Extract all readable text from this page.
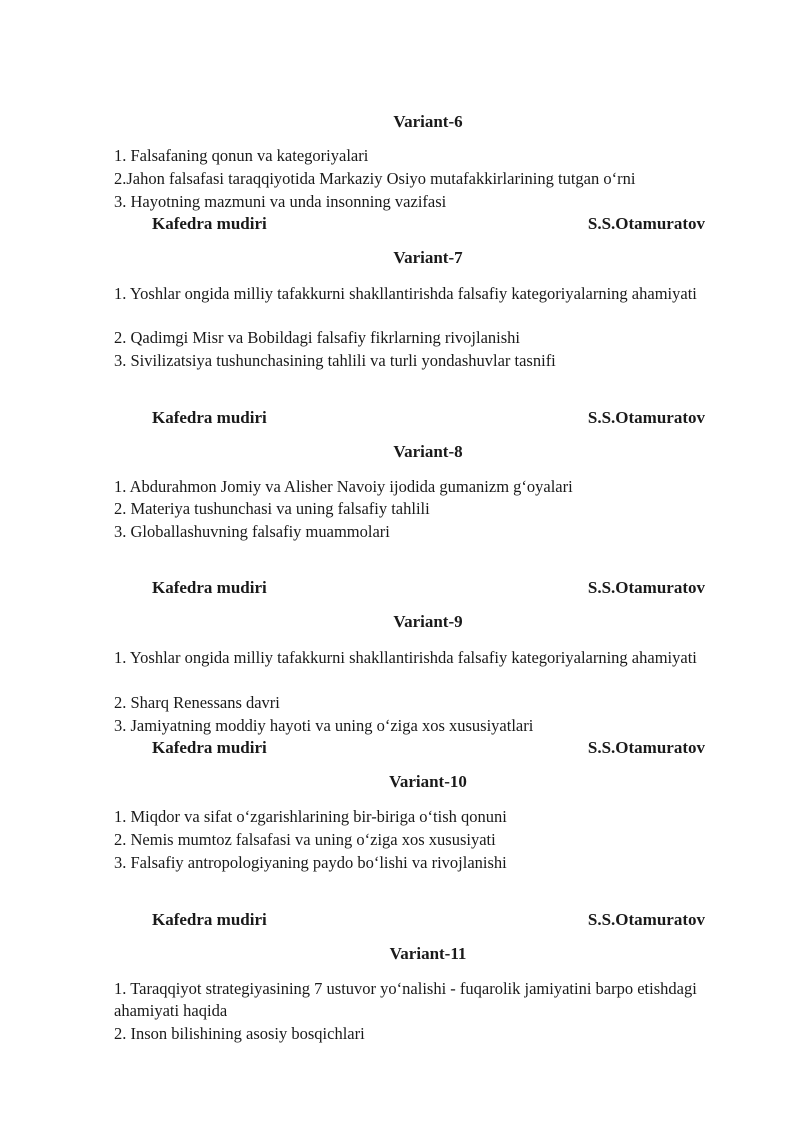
Variant-6
1. Falsafaning qonun va kategoriyalari
2.Jahon falsafasi taraqqiyotida Markaziy Osiyo mutafakkirlarining tutgan o‘rni
3. Hayotning mazmuni va unda insonning vazifasi
Kafedra mudiri	S.S.Otamuratov
Variant-7
1. Yoshlar ongida milliy tafakkurni shakllantirishda falsafiy kategoriyalarning ahamiyati
2. Qadimgi Misr va Bobildagi falsafiy fikrlarning rivojlanishi
3. Sivilizatsiya tushunchasining tahlili va turli yondashuvlar tasnifi
Kafedra mudiri	S.S.Otamuratov
Variant-8
1. Abdurahmon Jomiy va Alisher Navoiy ijodida gumanizm g‘oyalari
2. Materiya tushunchasi va uning falsafiy tahlili
3. Globallashuvning falsafiy muammolari
Kafedra mudiri	S.S.Otamuratov
Variant-9
1. Yoshlar ongida milliy tafakkurni shakllantirishda falsafiy kategoriyalarning ahamiyati
2. Sharq Renessans davri
3. Jamiyatning moddiy hayoti va uning o‘ziga xos xususiyatlari
Kafedra mudiri	S.S.Otamuratov
Variant-10
1. Miqdor va sifat o‘zgarishlarining bir-biriga o‘tish qonuni
2. Nemis mumtoz falsafasi va uning o‘ziga xos xususiyati
3. Falsafiy antropologiyaning paydo bo‘lishi va rivojlanishi
Kafedra mudiri	S.S.Otamuratov
Variant-11
1. Taraqqiyot strategiyasining 7 ustuvor yo‘nalishi - fuqarolik jamiyatini barpo etishdagi ahamiyati haqida
2. Inson bilishining asosiy bosqichlari
